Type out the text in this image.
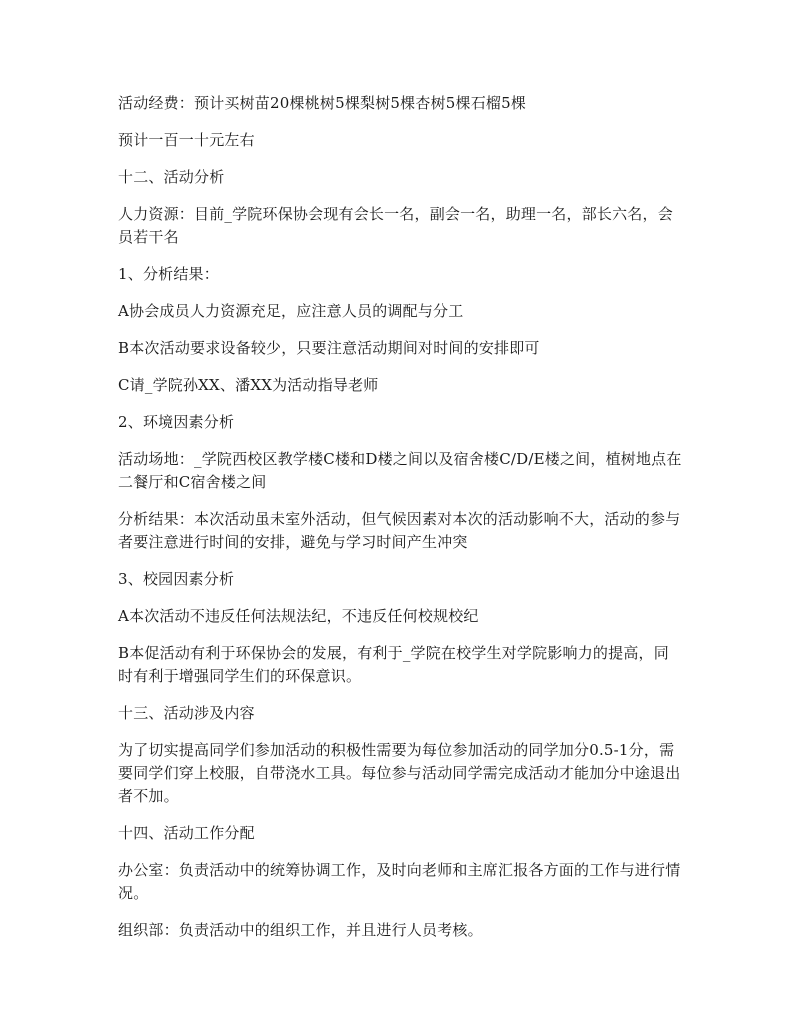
活动经费：预计买树苗20棵桃树5棵梨树5棵杏树5棵石榴5棵

预计一百一十元左右

十二、活动分析

人力资源：目前_学院环保协会现有会长一名，副会一名，助理一名，部长六名，会员若干名

1、分析结果：

A协会成员人力资源充足，应注意人员的调配与分工

B本次活动要求设备较少，只要注意活动期间对时间的安排即可

C请_学院孙XX、潘XX为活动指导老师

2、环境因素分析

活动场地：_学院西校区教学楼C楼和D楼之间以及宿舍楼C/D/E楼之间，植树地点在二餐厅和C宿舍楼之间

分析结果：本次活动虽未室外活动，但气候因素对本次的活动影响不大，活动的参与者要注意进行时间的安排，避免与学习时间产生冲突

3、校园因素分析

A本次活动不违反任何法规法纪，不违反任何校规校纪

B本促活动有利于环保协会的发展，有利于_学院在校学生对学院影响力的提高，同时有利于增强同学生们的环保意识。

十三、活动涉及内容

为了切实提高同学们参加活动的积极性需要为每位参加活动的同学加分0.5-1分，需要同学们穿上校服，自带浇水工具。每位参与活动同学需完成活动才能加分中途退出者不加。

十四、活动工作分配

办公室：负责活动中的统筹协调工作，及时向老师和主席汇报各方面的工作与进行情况。

组织部：负责活动中的组织工作，并且进行人员考核。
